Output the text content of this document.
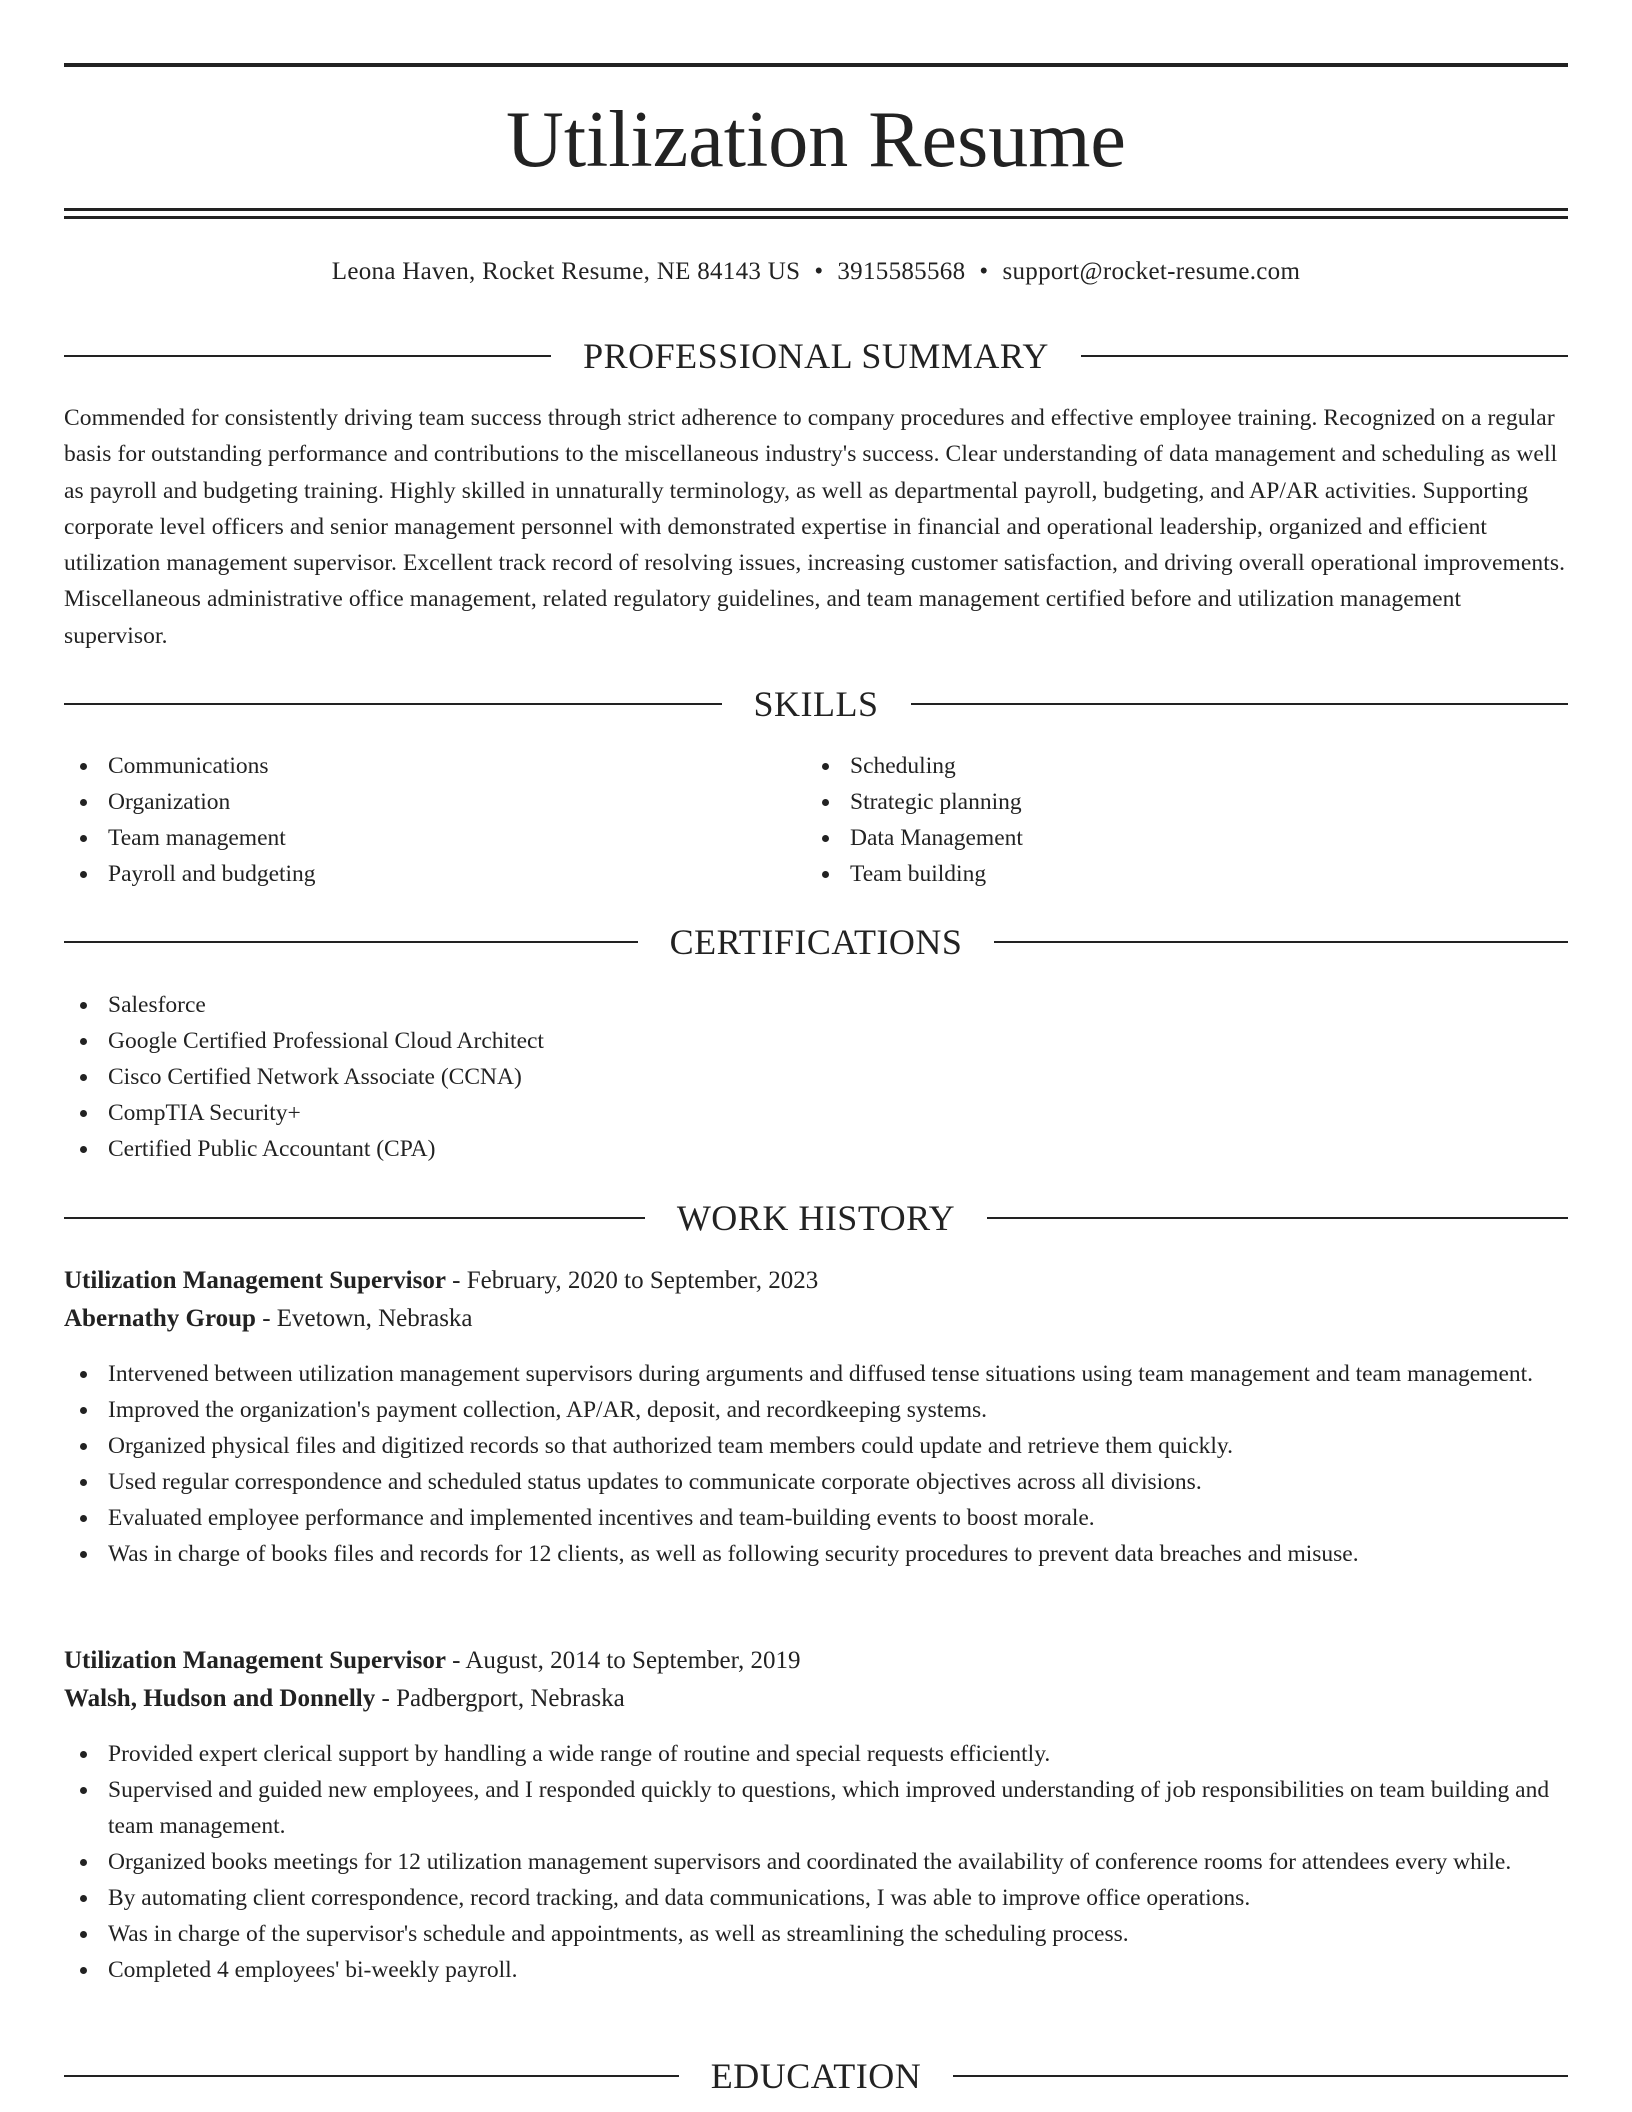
Utilization Resume
Leona Haven, Rocket Resume, NE 84143 US • 3915585568 • support@rocket-resume.com
PROFESSIONAL SUMMARY

Commended for consistently driving team success through strict adherence to company procedures and effective employee training. Recognized on a regular basis for outstanding performance and contributions to the miscellaneous industry's success. Clear understanding of data management and scheduling as well as payroll and budgeting training. Highly skilled in unnaturally terminology, as well as departmental payroll, budgeting, and AP/AR activities. Supporting corporate level officers and senior management personnel with demonstrated expertise in financial and operational leadership, organized and efficient utilization management supervisor. Excellent track record of resolving issues, increasing customer satisfaction, and driving overall operational improvements. Miscellaneous administrative office management, related regulatory guidelines, and team management certified before and utilization management supervisor.

SKILLS
Communications
Organization
Team management
Payroll and budgeting
Scheduling
Strategic planning
Data Management
Team building
CERTIFICATIONS
Salesforce
Google Certified Professional Cloud Architect
Cisco Certified Network Associate (CCNA)
CompTIA Security+
Certified Public Accountant (CPA)
WORK HISTORY
Utilization Management Supervisor - February, 2020 to September, 2023
Abernathy Group - Evetown, Nebraska
Intervened between utilization management supervisors during arguments and diffused tense situations using team management and team management.
Improved the organization's payment collection, AP/AR, deposit, and recordkeeping systems.
Organized physical files and digitized records so that authorized team members could update and retrieve them quickly.
Used regular correspondence and scheduled status updates to communicate corporate objectives across all divisions.
Evaluated employee performance and implemented incentives and team-building events to boost morale.
Was in charge of books files and records for 12 clients, as well as following security procedures to prevent data breaches and misuse.
Utilization Management Supervisor - August, 2014 to September, 2019
Walsh, Hudson and Donnelly - Padbergport, Nebraska
Provided expert clerical support by handling a wide range of routine and special requests efficiently.
Supervised and guided new employees, and I responded quickly to questions, which improved understanding of job responsibilities on team building and team management.
Organized books meetings for 12 utilization management supervisors and coordinated the availability of conference rooms for attendees every while.
By automating client correspondence, record tracking, and data communications, I was able to improve office operations.
Was in charge of the supervisor's schedule and appointments, as well as streamlining the scheduling process.
Completed 4 employees' bi-weekly payroll.
EDUCATION
